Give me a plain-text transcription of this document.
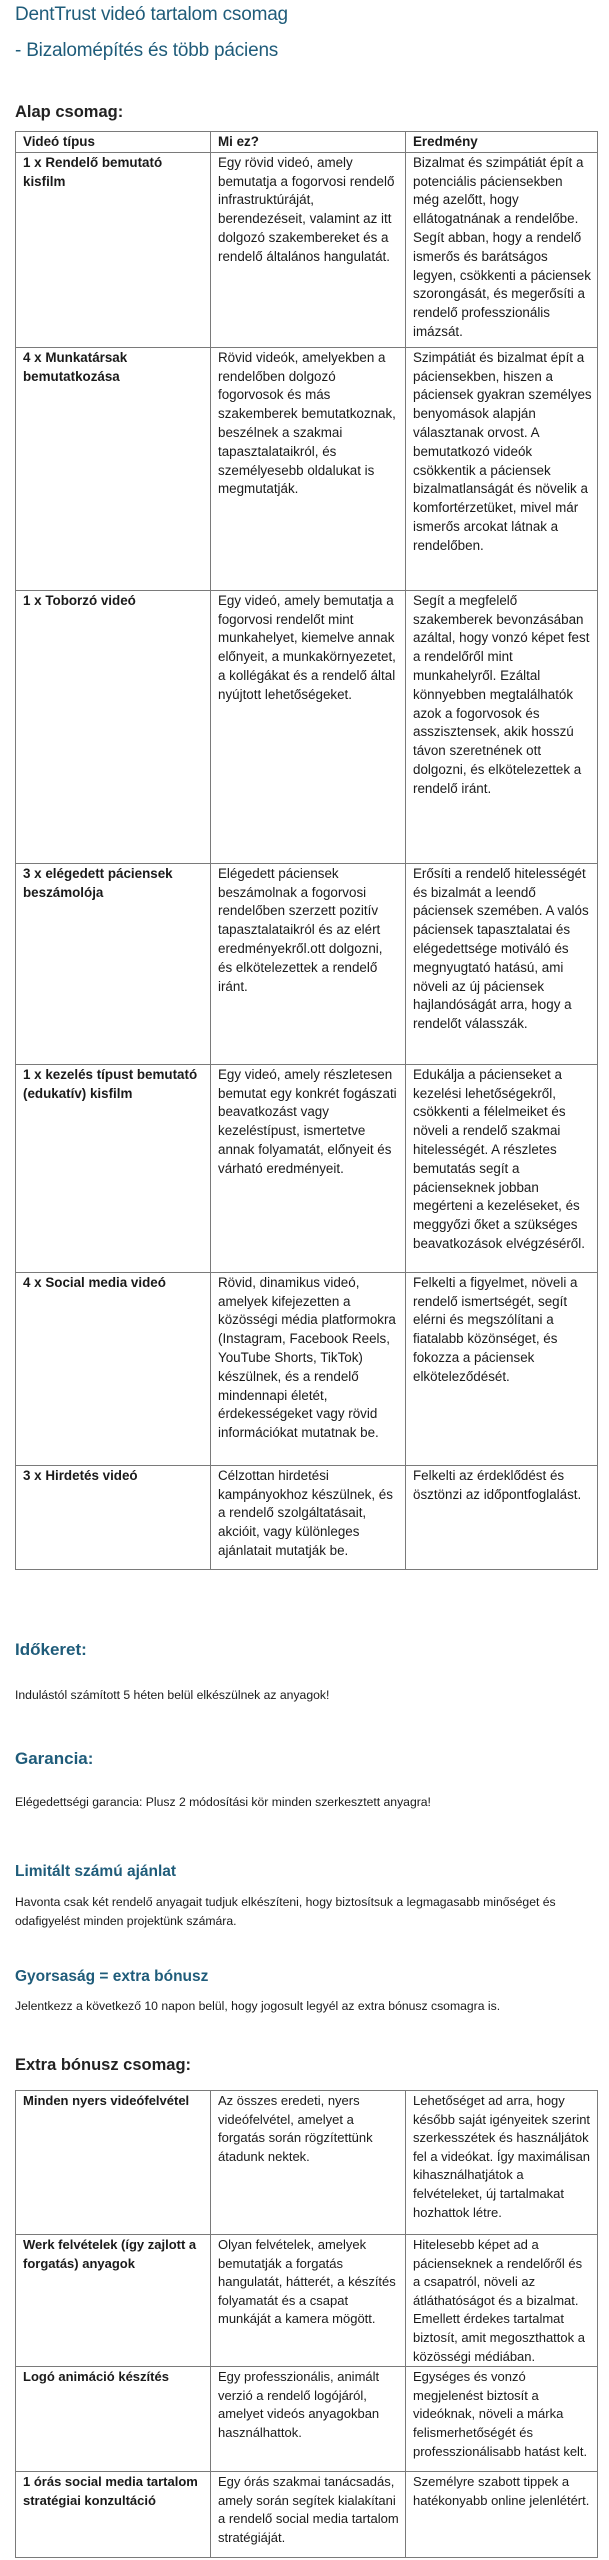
DentTrust videó tartalom csomag
- Bizalomépítés és több páciens
Alap csomag:
Videó típus	Mi ez?	Eredmény
1 x Rendelő bemutató kisfilm	Egy rövid videó, amely bemutatja a fogorvosi rendelő infrastruktúráját, berendezéseit, valamint az itt dolgozó szakembereket és a rendelő általános hangulatát.	Bizalmat és szimpátiát épít a potenciális páciensekben még azelőtt, hogy ellátogatnának a rendelőbe. Segít abban, hogy a rendelő ismerős és barátságos legyen, csökkenti a páciensek szorongását, és megerősíti a rendelő professzionális imázsát.
4 x Munkatársak bemutatkozása	Rövid videók, amelyekben a rendelőben dolgozó fogorvosok és más szakemberek bemutatkoznak, beszélnek a szakmai tapasztalataikról, és személyesebb oldalukat is megmutatják.	Szimpátiát és bizalmat épít a páciensekben, hiszen a páciensek gyakran személyes benyomások alapján választanak orvost. A bemutatkozó videók csökkentik a páciensek bizalmatlanságát és növelik a komfortérzetüket, mivel már ismerős arcokat látnak a rendelőben.
1 x Toborzó videó	Egy videó, amely bemutatja a fogorvosi rendelőt mint munkahelyet, kiemelve annak előnyeit, a munkakörnyezetet, a kollégákat és a rendelő által nyújtott lehetőségeket.	Segít a megfelelő szakemberek bevonzásában azáltal, hogy vonzó képet fest a rendelőről mint munkahelyről. Ezáltal könnyebben megtalálhatók azok a fogorvosok és asszisztensek, akik hosszú távon szeretnének ott dolgozni, és elkötelezettek a rendelő iránt.
3 x elégedett páciensek beszámolója	Elégedett páciensek beszámolnak a fogorvosi rendelőben szerzett pozitív tapasztalataikról és az elért eredményekről.ott dolgozni, és elkötelezettek a rendelő iránt.	Erősíti a rendelő hitelességét és bizalmát a leendő páciensek szemében. A valós páciensek tapasztalatai és elégedettsége motiváló és megnyugtató hatású, ami növeli az új páciensek hajlandóságát arra, hogy a rendelőt válasszák.
1 x kezelés típust bemutató (edukatív) kisfilm	Egy videó, amely részletesen bemutat egy konkrét fogászati beavatkozást vagy kezeléstípust, ismertetve annak folyamatát, előnyeit és várható eredményeit.	Edukálja a pácienseket a kezelési lehetőségekről, csökkenti a félelmeiket és növeli a rendelő szakmai hitelességét. A részletes bemutatás segít a pácienseknek jobban megérteni a kezeléseket, és meggyőzi őket a szükséges beavatkozások elvégzéséről.
4 x Social media videó	Rövid, dinamikus videó, amelyek kifejezetten a közösségi média platformokra (Instagram, Facebook Reels, YouTube Shorts, TikTok) készülnek, és a rendelő mindennapi életét, érdekességeket vagy rövid információkat mutatnak be.	Felkelti a figyelmet, növeli a rendelő ismertségét, segít elérni és megszólítani a fiatalabb közönséget, és fokozza a páciensek elköteleződését.
3 x Hirdetés videó	Célzottan hirdetési kampányokhoz készülnek, és a rendelő szolgáltatásait, akcióit, vagy különleges ajánlatait mutatják be.	Felkelti az érdeklődést és ösztönzi az időpontfoglalást.
Időkeret:

Indulástól számított 5 héten belül elkészülnek az anyagok!

Garancia:

Elégedettségi garancia: Plusz 2 módosítási kör minden szerkesztett anyagra!

Limitált számú ajánlat

Havonta csak két rendelő anyagait tudjuk elkészíteni, hogy biztosítsuk a legmagasabb minőséget és odafigyelést minden projektünk számára.

Gyorsaság = extra bónusz

Jelentkezz a következő 10 napon belül, hogy jogosult legyél az extra bónusz csomagra is.

Extra bónusz csomag:
Minden nyers videófelvétel	Az összes eredeti, nyers videófelvétel, amelyet a forgatás során rögzítettünk átadunk nektek.	Lehetőséget ad arra, hogy később saját igényeitek szerint szerkesszétek és használjátok fel a videókat. Így maximálisan kihasználhatjátok a felvételeket, új tartalmakat hozhattok létre.
Werk felvételek (így zajlott a forgatás) anyagok	Olyan felvételek, amelyek bemutatják a forgatás hangulatát, hátterét, a készítés folyamatát és a csapat munkáját a kamera mögött.	Hitelesebb képet ad a pácienseknek a rendelőről és a csapatról, növeli az átláthatóságot és a bizalmat. Emellett érdekes tartalmat biztosít, amit megoszthattok a közösségi médiában.
Logó animáció készítés	Egy professzionális, animált verzió a rendelő logójáról, amelyet videós anyagokban használhattok.	Egységes és vonzó megjelenést biztosít a videóknak, növeli a márka felismerhetőségét és professzionálisabb hatást kelt.
1 órás social media tartalom stratégiai konzultáció	Egy órás szakmai tanácsadás, amely során segítek kialakítani a rendelő social media tartalom stratégiáját.	Személyre szabott tippek a hatékonyabb online jelenlétért.
